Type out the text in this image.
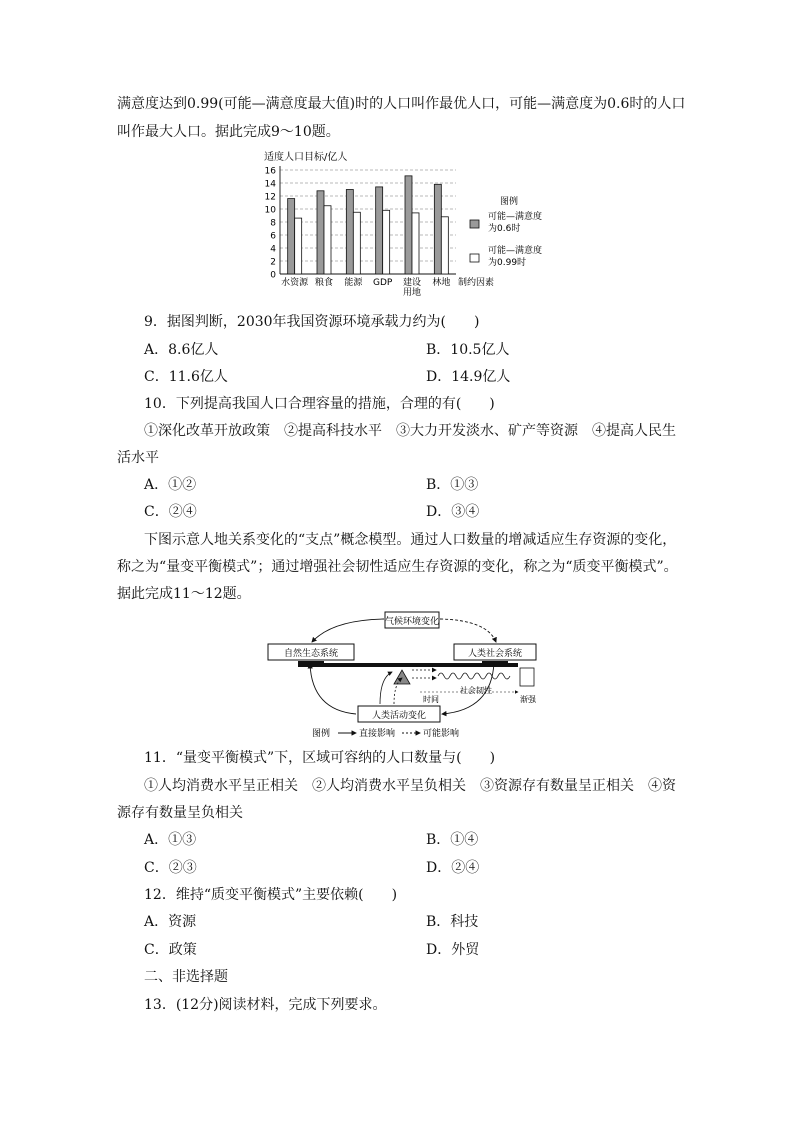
满意度达到0.99(可能—满意度最大值)时的人口叫作最优人口，可能—满意度为0.6时的人口
叫作最大人口。据此完成9～10题。
适度人口目标/亿人
0
2
4
6
8
10
12
14
16
水资源 粮食 能源 GDP 建设
用地
林地 制约因素
图例
可能—满意度
为0.6时
可能—满意度
为0.99时
9．据图判断，2030年我国资源环境承载力约为(　　)
A．8.6亿人	B．10.5亿人
C．11.6亿人	D．14.9亿人
10．下列提高我国人口合理容量的措施，合理的有(　　)
①深化改革开放政策　②提高科技水平　③大力开发淡水、矿产等资源　④提高人民生
活水平
A．①②	B．①③
C．②④	D．③④
下图示意人地关系变化的“支点”概念模型。通过人口数量的增减适应生存资源的变化，
称之为“量变平衡模式”；通过增强社会韧性适应生存资源的变化，称之为“质变平衡模式”。
据此完成11～12题。
气候环境变化
自然生态系统	人类社会系统
人类活动变化
社会韧性
时间	渐强
图例	直接影响	可能影响
11．“量变平衡模式”下，区域可容纳的人口数量与(　　)
①人均消费水平呈正相关　②人均消费水平呈负相关　③资源存有数量呈正相关　④资
源存有数量呈负相关
A．①③	B．①④
C．②③	D．②④
12．维持“质变平衡模式”主要依赖(　　)
A．资源	B．科技
C．政策	D．外贸
二、非选择题
13．(12分)阅读材料，完成下列要求。
